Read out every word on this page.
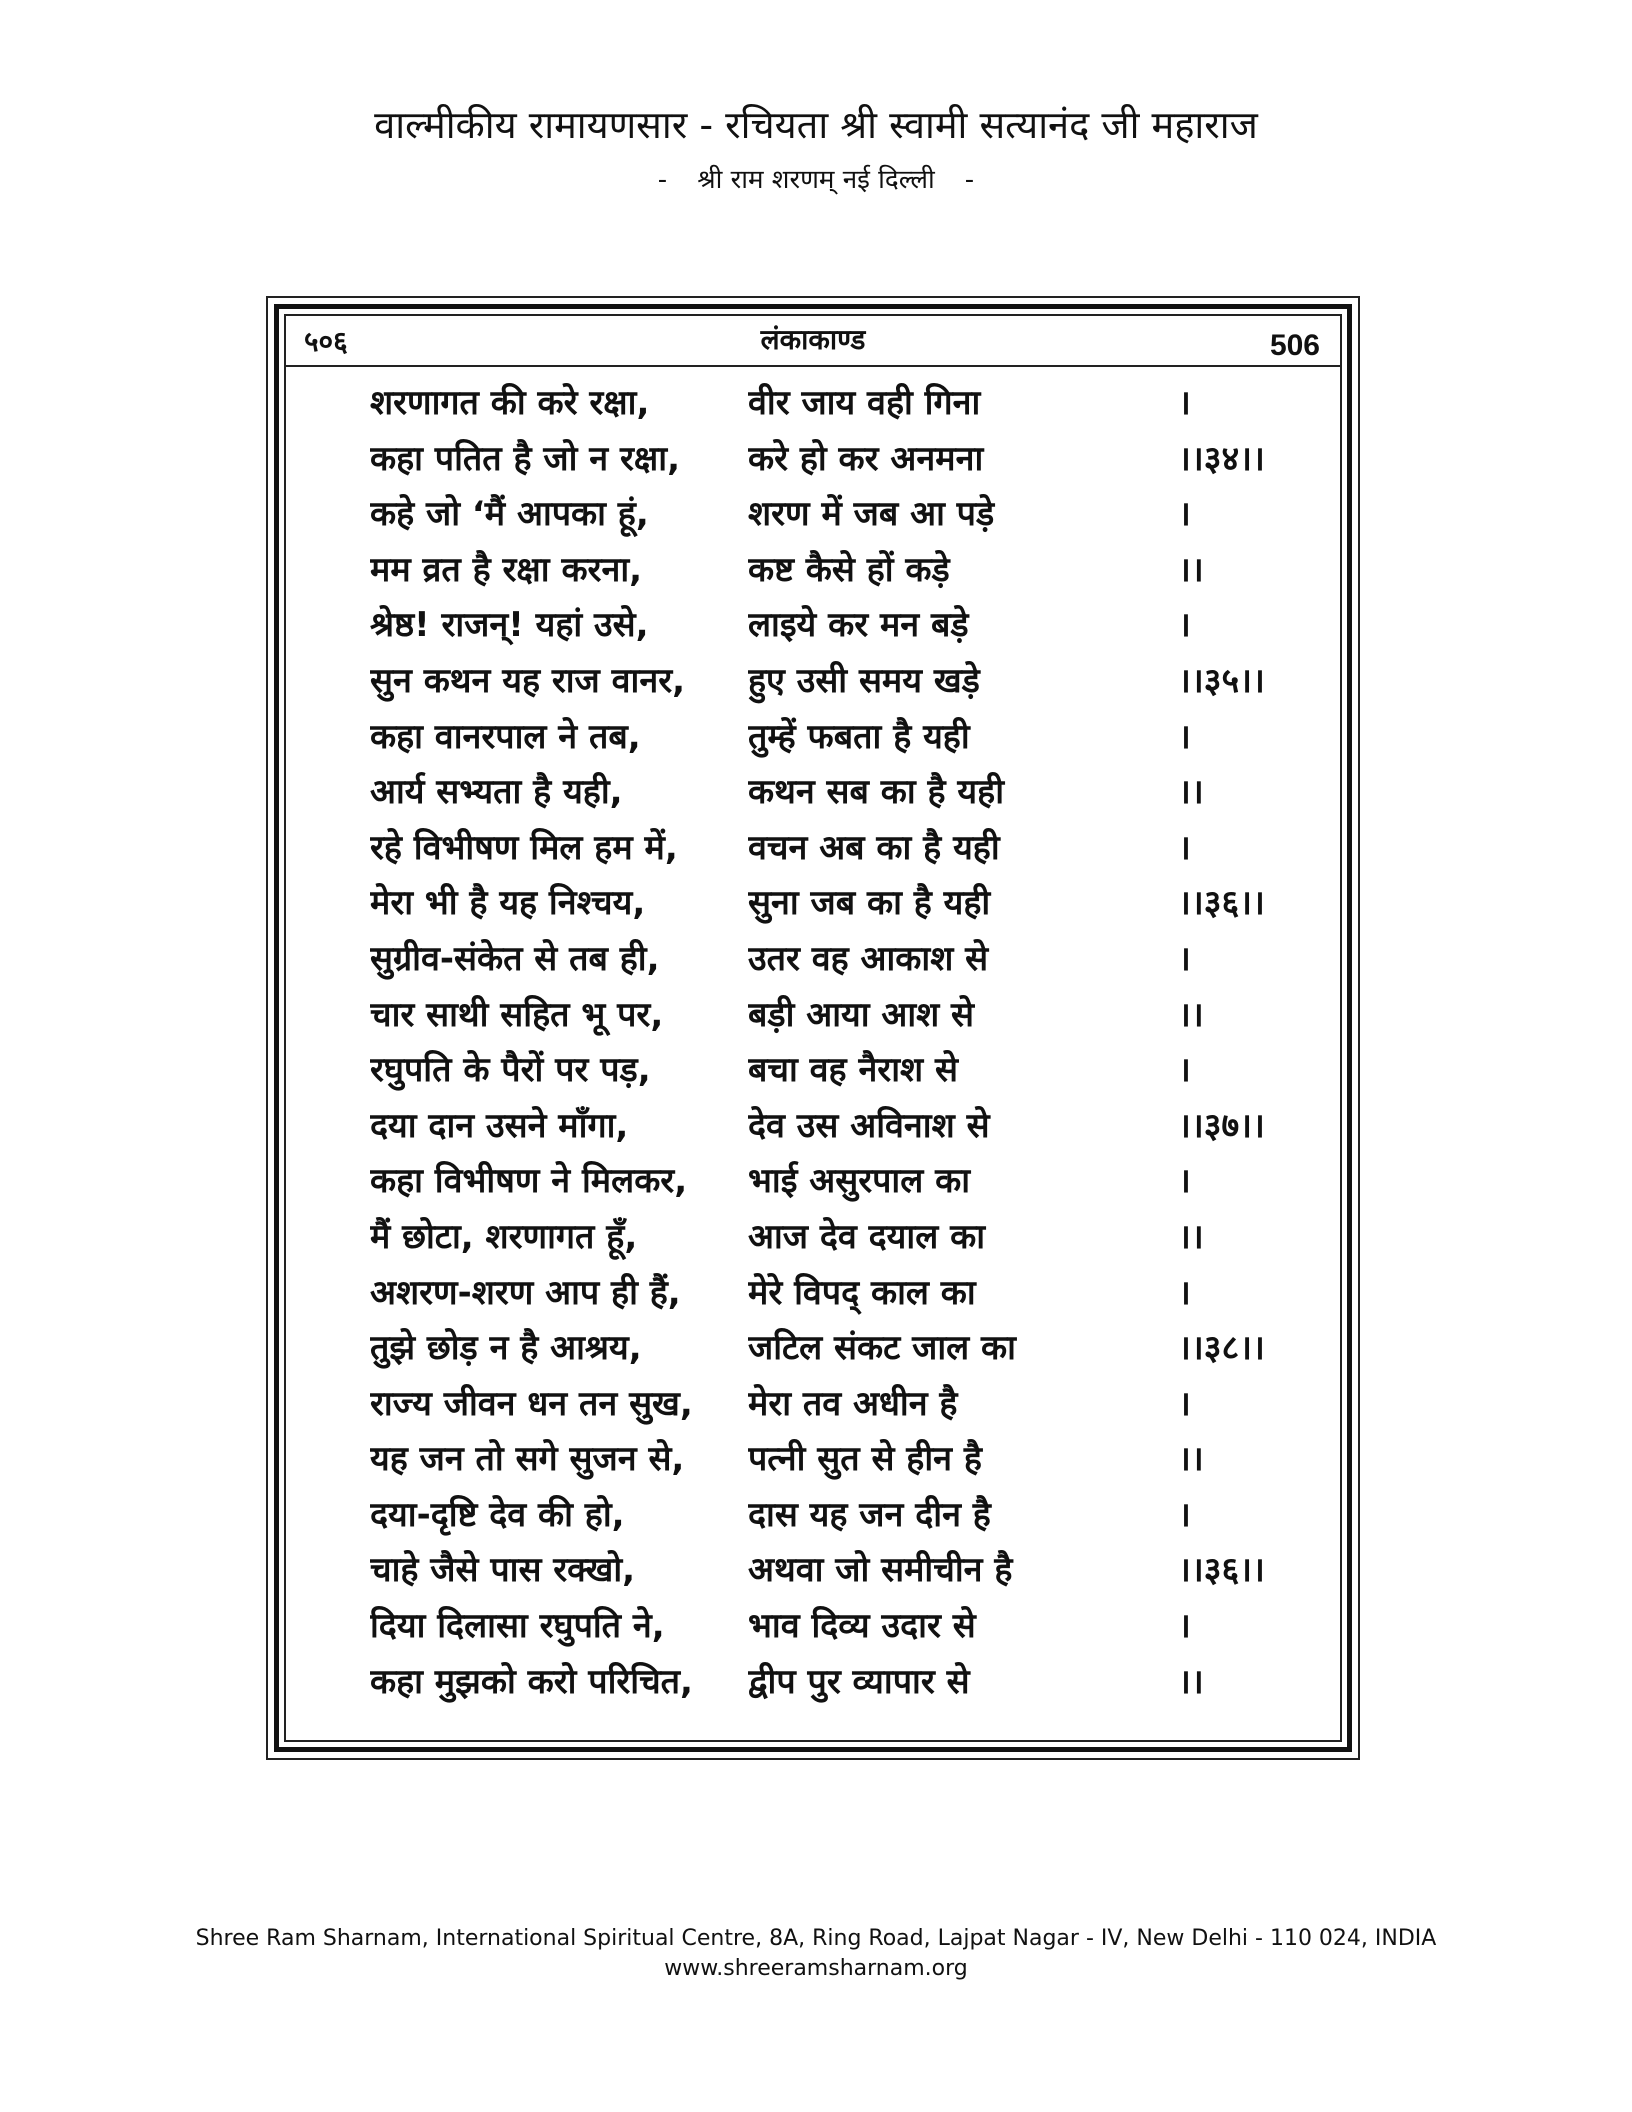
वाल्मीकीय रामायणसार - रचियता श्री स्वामी सत्यानंद जी महाराज
- श्री राम शरणम् नई दिल्ली -
५०६	लंकाकाण्ड	506
शरणागत की करे रक्षा,	वीर जाय वही गिना	।
कहा पतित है जो न रक्षा,	करे हो कर अनमना	।।३४।।
कहे जो ‘मैं आपका हूं,	शरण में जब आ पड़े	।
मम व्रत है रक्षा करना,	कष्ट कैसे हों कड़े	।।
श्रेष्ठ! राजन्! यहां उसे,	लाइये कर मन बड़े	।
सुन कथन यह राज वानर,	हुए उसी समय खड़े	।।३५।।
कहा वानरपाल ने तब,	तुम्हें फबता है यही	।
आर्य सभ्यता है यही,	कथन सब का है यही	।।
रहे विभीषण मिल हम में,	वचन अब का है यही	।
मेरा भी है यह निश्चय,	सुना जब का है यही	।।३६।।
सुग्रीव-संकेत से तब ही,	उतर वह आकाश से	।
चार साथी सहित भू पर,	बड़ी आया आश से	।।
रघुपति के पैरों पर पड़,	बचा वह नैराश से	।
दया दान उसने माँगा,	देव उस अविनाश से	।।३७।।
कहा विभीषण ने मिलकर,	भाई असुरपाल का	।
मैं छोटा, शरणागत हूँ,	आज देव दयाल का	।।
अशरण-शरण आप ही हैं,	मेरे विपद् काल का	।
तुझे छोड़ न है आश्रय,	जटिल संकट जाल का	।।३८।।
राज्य जीवन धन तन सुख,	मेरा तव अधीन है	।
यह जन तो सगे सुजन से,	पत्नी सुत से हीन है	।।
दया-दृष्टि देव की हो,	दास यह जन दीन है	।
चाहे जैसे पास रक्खो,	अथवा जो समीचीन है	।।३६।।
दिया दिलासा रघुपति ने,	भाव दिव्य उदार से	।
कहा मुझको करो परिचित,	द्वीप पुर व्यापार से	।।
Shree Ram Sharnam, International Spiritual Centre, 8A, Ring Road, Lajpat Nagar - IV, New Delhi - 110 024, INDIA
www.shreeramsharnam.org
